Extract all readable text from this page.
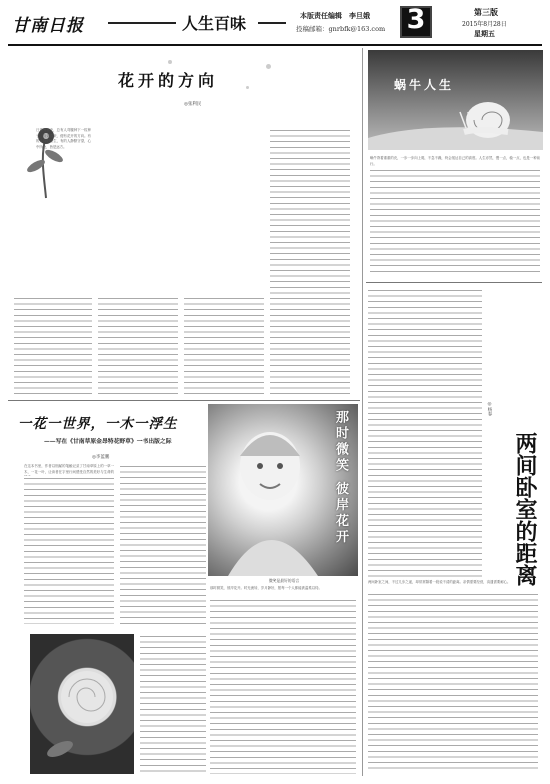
甘南日报	人生百味	本版责任编辑　李旦娥
投稿邮箱：gnrbfk@163.com 3	第三版
2015年8月28日
星期五
花开的方向
◎张利民
日常劳作中，总有人弯腰种下一粒种子，待到春来，便有花开的方向。有的人向阳而生，有的人静默守望，心中所念，皆是远方。
蜗牛人生
蜗牛背着重重的壳，一步一步向上爬，不急不躁，终会抵达自己的高度。人生亦然，慢一点，稳一点，也是一种前行。
两间卧室的距离
◎杨春
两间卧室之间，不过几步之遥，却常常隔着一段说不清的距离。亲情需要经营，沟通需要耐心。
一花一世界，一木一浮生
——写在《甘南草原金昂特花野草》一书出版之际
◎李蓝鹏
在这本书里，作者以细腻的笔触记录了甘南草原上的一草一木，一花一叶，让读者在字里行间感受自然的美好与生命的	那时微笑 彼岸花开
微笑是最好的语言
那时微笑，彼岸花开。时光流转，岁月静好，愿每一个人都能被温柔以待。
